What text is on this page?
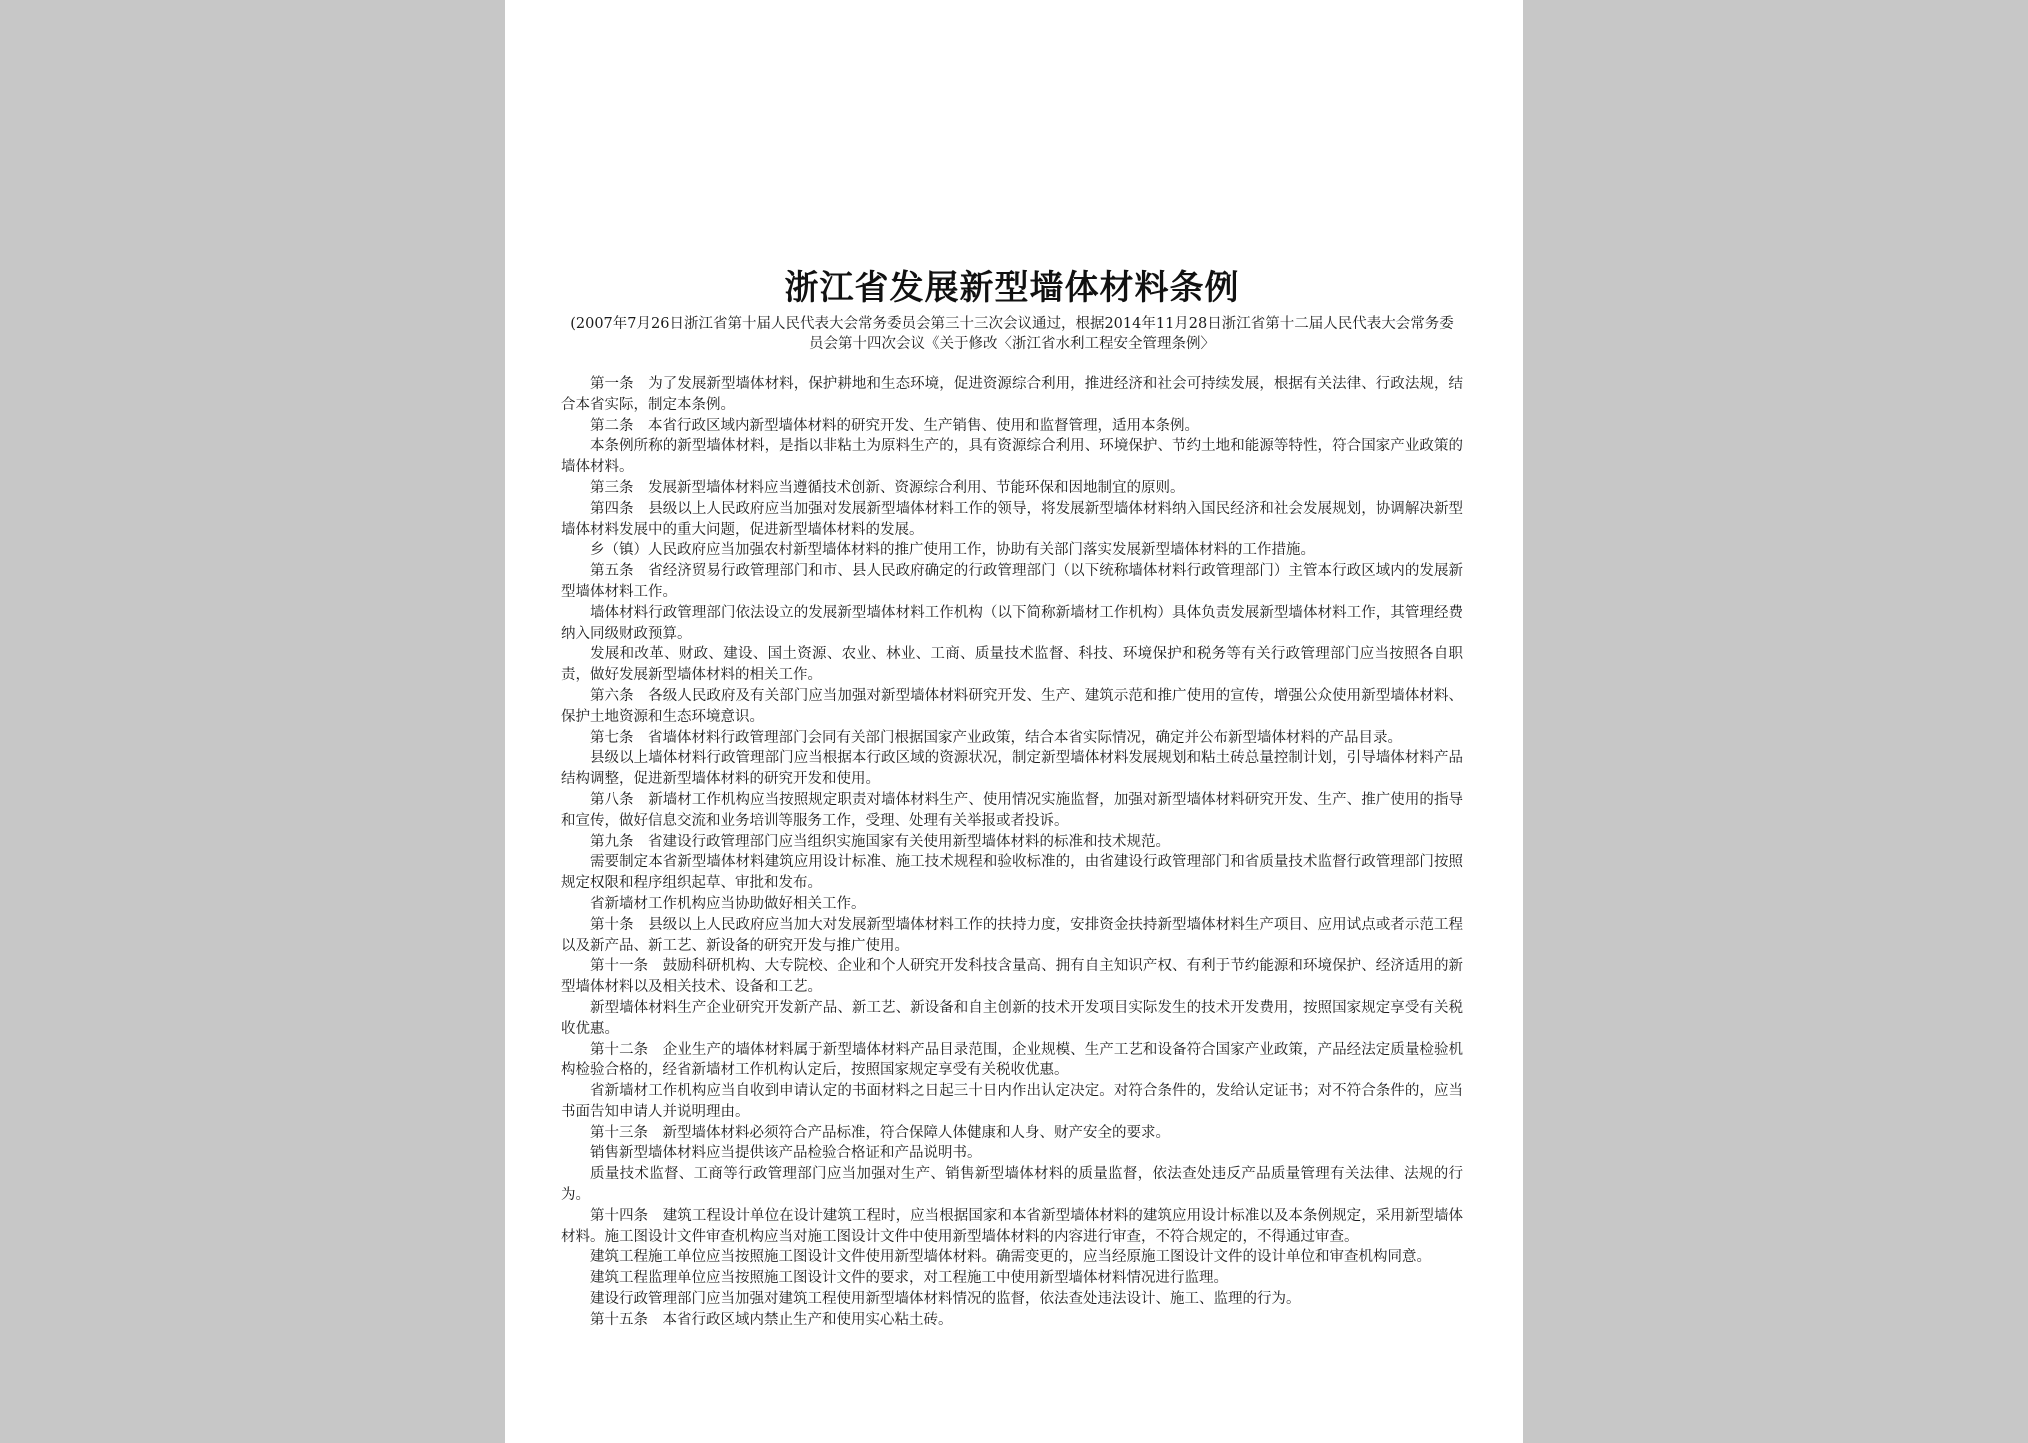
浙江省发展新型墙体材料条例

(2007年7月26日浙江省第十届人民代表大会常务委员会第三十三次会议通过，根据2014年11月28日浙江省第十二届人民代表大会常务委员会第十四次会议《关于修改〈浙江省水利工程安全管理条例〉

第一条　为了发展新型墙体材料，保护耕地和生态环境，促进资源综合利用，推进经济和社会可持续发展，根据有关法律、行政法规，结合本省实际，制定本条例。

第二条　本省行政区域内新型墙体材料的研究开发、生产销售、使用和监督管理，适用本条例。

本条例所称的新型墙体材料，是指以非粘土为原料生产的，具有资源综合利用、环境保护、节约土地和能源等特性，符合国家产业政策的墙体材料。

第三条　发展新型墙体材料应当遵循技术创新、资源综合利用、节能环保和因地制宜的原则。

第四条　县级以上人民政府应当加强对发展新型墙体材料工作的领导，将发展新型墙体材料纳入国民经济和社会发展规划，协调解决新型墙体材料发展中的重大问题，促进新型墙体材料的发展。

乡（镇）人民政府应当加强农村新型墙体材料的推广使用工作，协助有关部门落实发展新型墙体材料的工作措施。

第五条　省经济贸易行政管理部门和市、县人民政府确定的行政管理部门（以下统称墙体材料行政管理部门）主管本行政区域内的发展新型墙体材料工作。

墙体材料行政管理部门依法设立的发展新型墙体材料工作机构（以下简称新墙材工作机构）具体负责发展新型墙体材料工作，其管理经费纳入同级财政预算。

发展和改革、财政、建设、国土资源、农业、林业、工商、质量技术监督、科技、环境保护和税务等有关行政管理部门应当按照各自职责，做好发展新型墙体材料的相关工作。

第六条　各级人民政府及有关部门应当加强对新型墙体材料研究开发、生产、建筑示范和推广使用的宣传，增强公众使用新型墙体材料、保护土地资源和生态环境意识。

第七条　省墙体材料行政管理部门会同有关部门根据国家产业政策，结合本省实际情况，确定并公布新型墙体材料的产品目录。

县级以上墙体材料行政管理部门应当根据本行政区域的资源状况，制定新型墙体材料发展规划和粘土砖总量控制计划，引导墙体材料产品结构调整，促进新型墙体材料的研究开发和使用。

第八条　新墙材工作机构应当按照规定职责对墙体材料生产、使用情况实施监督，加强对新型墙体材料研究开发、生产、推广使用的指导和宣传，做好信息交流和业务培训等服务工作，受理、处理有关举报或者投诉。

第九条　省建设行政管理部门应当组织实施国家有关使用新型墙体材料的标准和技术规范。

需要制定本省新型墙体材料建筑应用设计标准、施工技术规程和验收标准的，由省建设行政管理部门和省质量技术监督行政管理部门按照规定权限和程序组织起草、审批和发布。

省新墙材工作机构应当协助做好相关工作。

第十条　县级以上人民政府应当加大对发展新型墙体材料工作的扶持力度，安排资金扶持新型墙体材料生产项目、应用试点或者示范工程以及新产品、新工艺、新设备的研究开发与推广使用。

第十一条　鼓励科研机构、大专院校、企业和个人研究开发科技含量高、拥有自主知识产权、有利于节约能源和环境保护、经济适用的新型墙体材料以及相关技术、设备和工艺。

新型墙体材料生产企业研究开发新产品、新工艺、新设备和自主创新的技术开发项目实际发生的技术开发费用，按照国家规定享受有关税收优惠。

第十二条　企业生产的墙体材料属于新型墙体材料产品目录范围，企业规模、生产工艺和设备符合国家产业政策，产品经法定质量检验机构检验合格的，经省新墙材工作机构认定后，按照国家规定享受有关税收优惠。

省新墙材工作机构应当自收到申请认定的书面材料之日起三十日内作出认定决定。对符合条件的，发给认定证书；对不符合条件的，应当书面告知申请人并说明理由。

第十三条　新型墙体材料必须符合产品标准，符合保障人体健康和人身、财产安全的要求。

销售新型墙体材料应当提供该产品检验合格证和产品说明书。

质量技术监督、工商等行政管理部门应当加强对生产、销售新型墙体材料的质量监督，依法查处违反产品质量管理有关法律、法规的行为。

第十四条　建筑工程设计单位在设计建筑工程时，应当根据国家和本省新型墙体材料的建筑应用设计标准以及本条例规定，采用新型墙体材料。施工图设计文件审查机构应当对施工图设计文件中使用新型墙体材料的内容进行审查，不符合规定的，不得通过审查。

建筑工程施工单位应当按照施工图设计文件使用新型墙体材料。确需变更的，应当经原施工图设计文件的设计单位和审查机构同意。

建筑工程监理单位应当按照施工图设计文件的要求，对工程施工中使用新型墙体材料情况进行监理。

建设行政管理部门应当加强对建筑工程使用新型墙体材料情况的监督，依法查处违法设计、施工、监理的行为。

第十五条　本省行政区域内禁止生产和使用实心粘土砖。
